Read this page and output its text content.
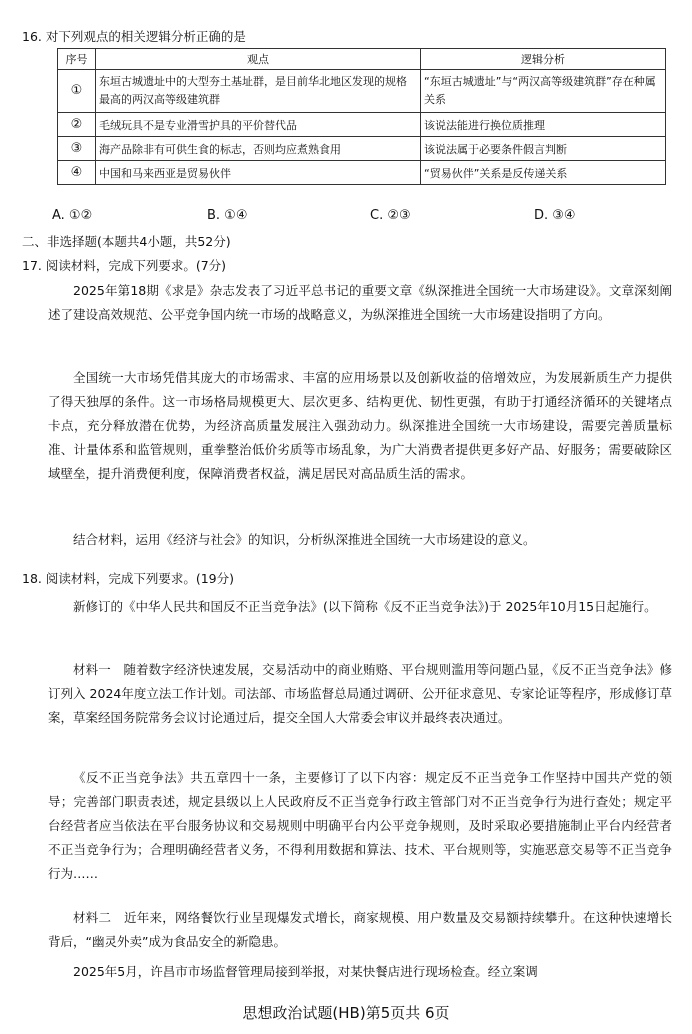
16. 对下列观点的相关逻辑分析正确的是
序号	观点	逻辑分析
①	东垣古城遗址中的大型夯土基址群，是目前华北地区发现的规格最高的两汉高等级建筑群	“东垣古城遗址”与“两汉高等级建筑群”存在种属关系
②	毛绒玩具不是专业滑雪护具的平价替代品	该说法能进行换位质推理
③	海产品除非有可供生食的标志，否则均应煮熟食用	该说法属于必要条件假言判断
④	中国和马来西亚是贸易伙伴	“贸易伙伴”关系是反传递关系
A. ①②	B. ①④	C. ②③	D. ③④
二、非选择题(本题共4小题，共52分)
17. 阅读材料，完成下列要求。(7分)

2025年第18期《求是》杂志发表了习近平总书记的重要文章《纵深推进全国统一大市场建设》。文章深刻阐述了建设高效规范、公平竞争国内统一市场的战略意义，为纵深推进全国统一大市场建设指明了方向。

全国统一大市场凭借其庞大的市场需求、丰富的应用场景以及创新收益的倍增效应，为发展新质生产力提供了得天独厚的条件。这一市场格局规模更大、层次更多、结构更优、韧性更强，有助于打通经济循环的关键堵点卡点，充分释放潜在优势，为经济高质量发展注入强劲动力。纵深推进全国统一大市场建设，需要完善质量标准、计量体系和监管规则，重拳整治低价劣质等市场乱象，为广大消费者提供更多好产品、好服务；需要破除区域壁垒，提升消费便利度，保障消费者权益，满足居民对高品质生活的需求。

结合材料，运用《经济与社会》的知识，分析纵深推进全国统一大市场建设的意义。

18. 阅读材料，完成下列要求。(19分)

新修订的《中华人民共和国反不正当竞争法》(以下简称《反不正当竞争法》)于 2025年10月15日起施行。

材料一　随着数字经济快速发展，交易活动中的商业贿赂、平台规则滥用等问题凸显，《反不正当竞争法》修订列入 2024年度立法工作计划。司法部、市场监督总局通过调研、公开征求意见、专家论证等程序，形成修订草案，草案经国务院常务会议讨论通过后，提交全国人大常委会审议并最终表决通过。

《反不正当竞争法》共五章四十一条，主要修订了以下内容：规定反不正当竞争工作坚持中国共产党的领导；完善部门职责表述，规定县级以上人民政府反不正当竞争行政主管部门对不正当竞争行为进行查处；规定平台经营者应当依法在平台服务协议和交易规则中明确平台内公平竞争规则，及时采取必要措施制止平台内经营者不正当竞争行为；合理明确经营者义务，不得利用数据和算法、技术、平台规则等，实施恶意交易等不正当竞争行为……

材料二　近年来，网络餐饮行业呈现爆发式增长，商家规模、用户数量及交易额持续攀升。在这种快速增长背后，“幽灵外卖”成为食品安全的新隐患。

2025年5月，许昌市市场监督管理局接到举报，对某快餐店进行现场检查。经立案调

思想政治试题(HB)第5页共 6页
